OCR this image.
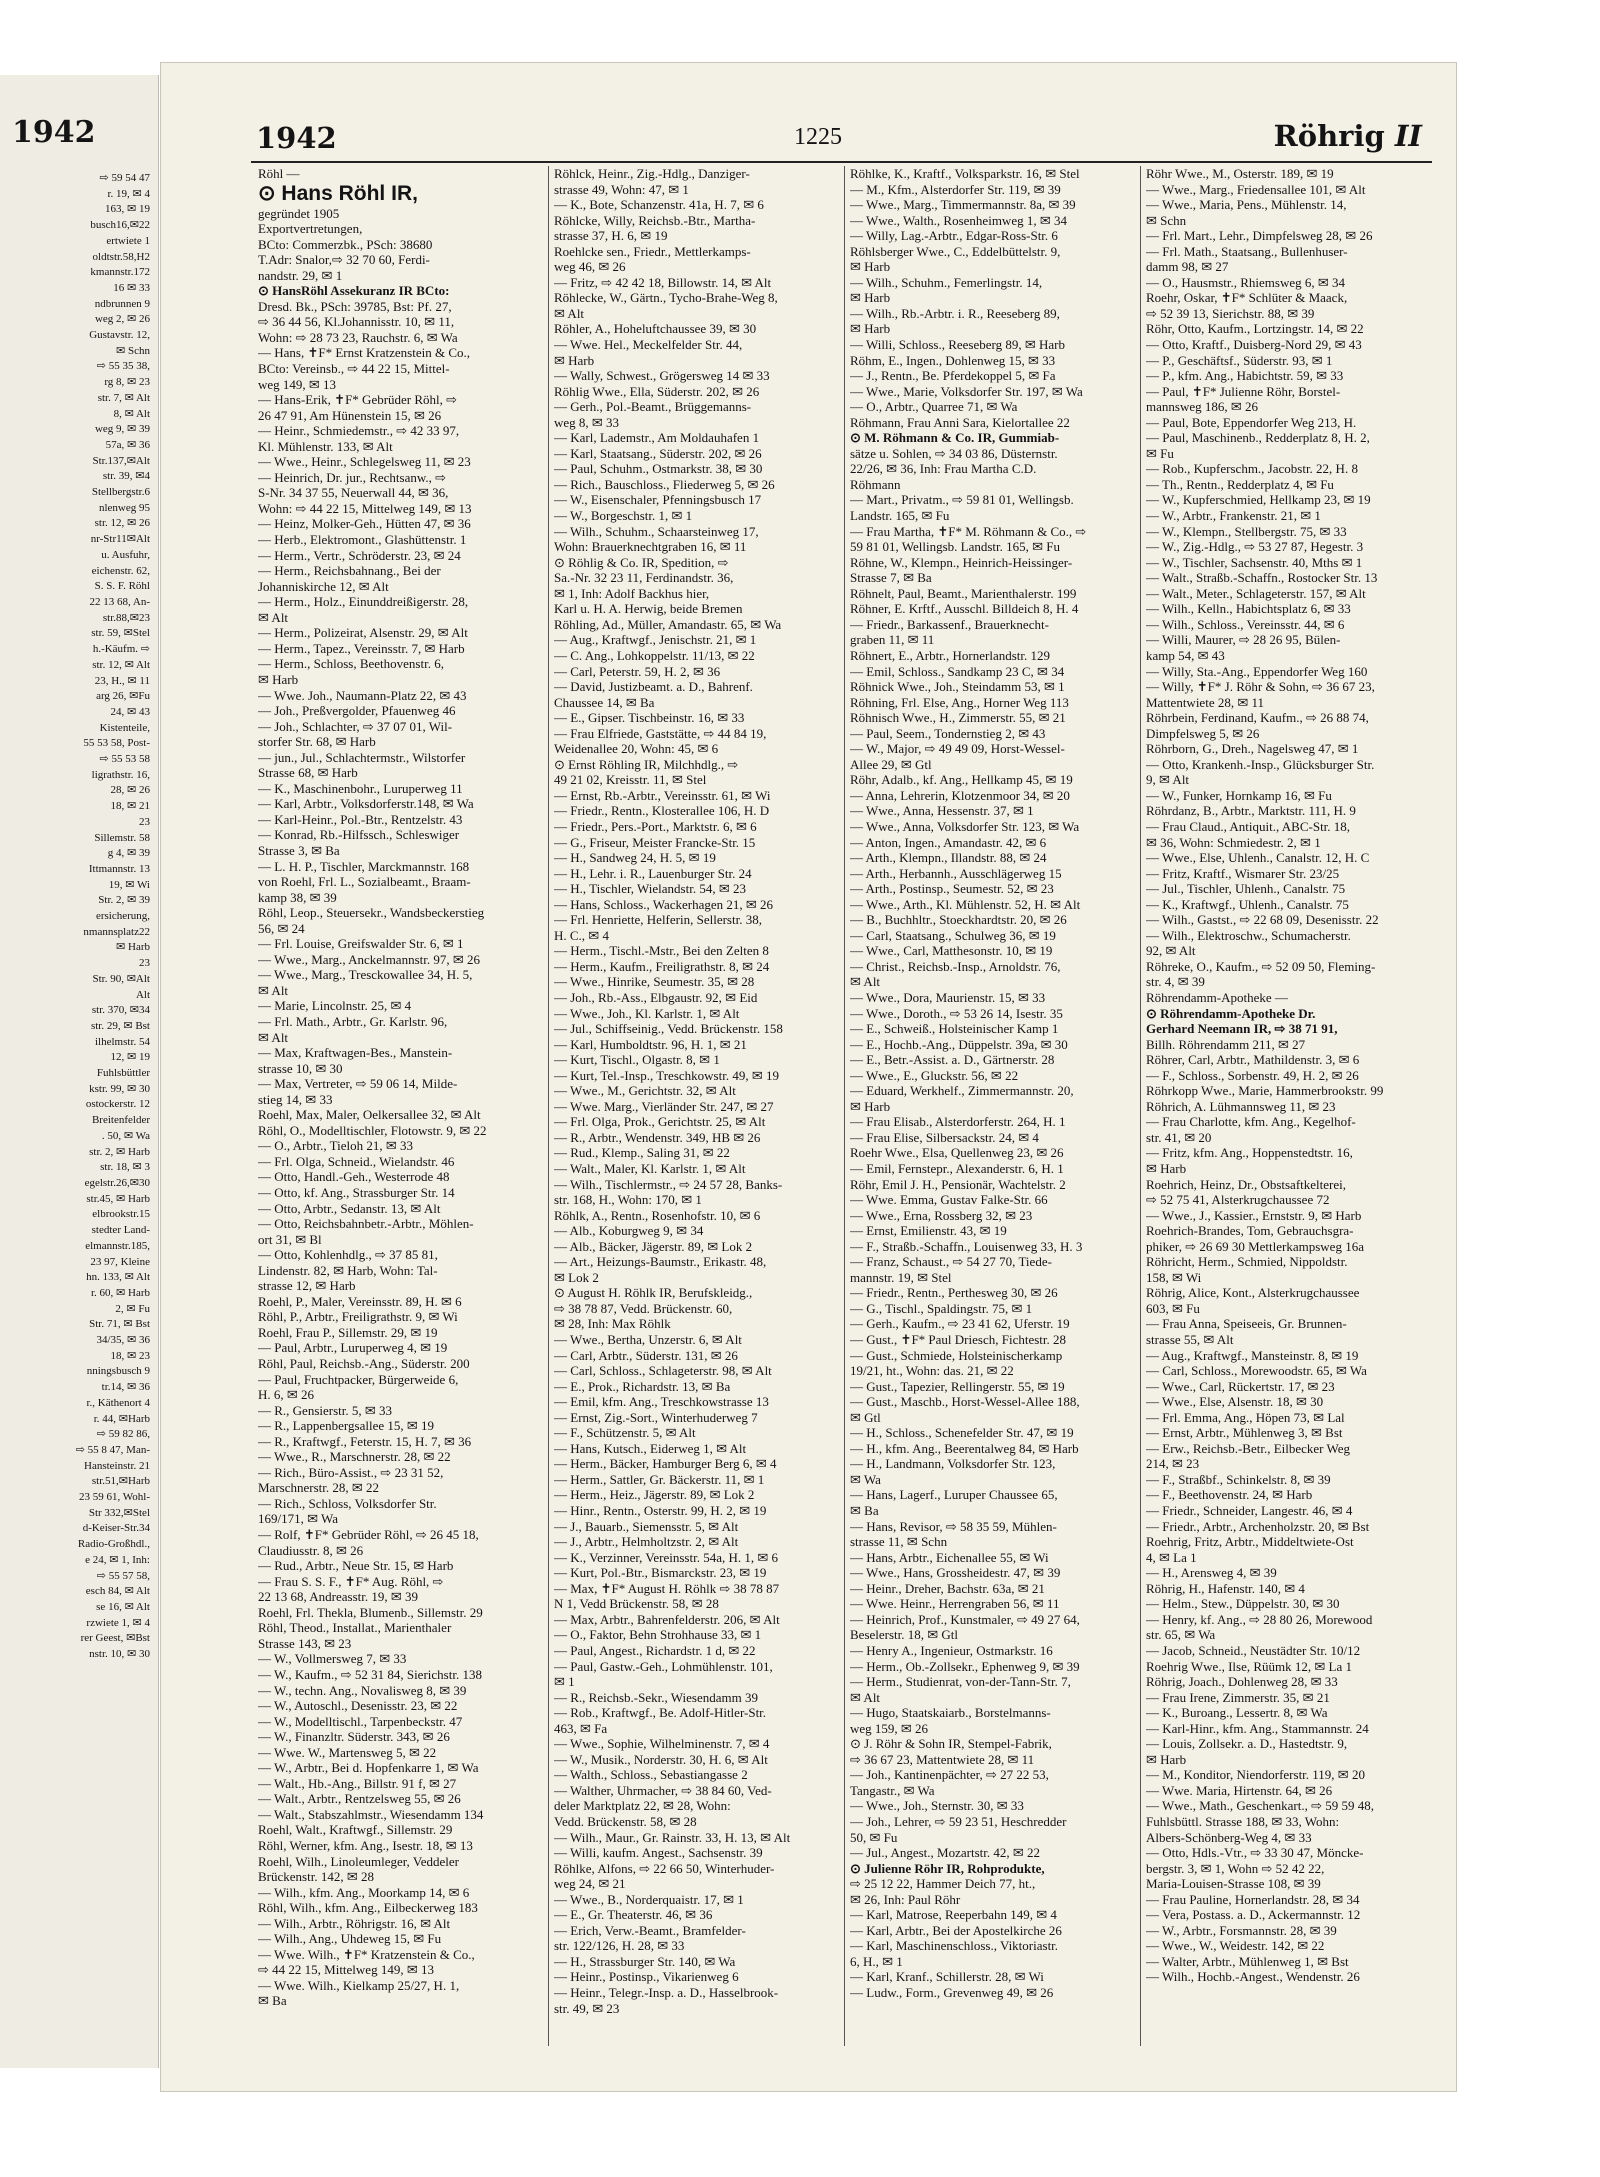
1942
⇨ 59 54 47
r. 19, ✉ 4
163, ✉ 19
busch16,✉22
ertwiete 1
oldtstr.58,H2
kmannstr.172
16 ✉ 33
ndbrunnen 9
weg 2, ✉ 26
Gustavstr. 12,
✉ Schn
⇨ 55 35 38,
rg 8, ✉ 23
str. 7, ✉ Alt
8, ✉ Alt
weg 9, ✉ 39
57a, ✉ 36
Str.137,✉Alt
str. 39, ✉4
Stellbergstr.6
nlenweg 95
str. 12, ✉ 26
nr-Str11✉Alt
u. Ausfuhr,
eichenstr. 62,
S. S. F. Röhl
22 13 68, An-
str.88,✉23
str. 59, ✉Stel
h.-Käufm. ⇨
str. 12, ✉ Alt
23, H., ✉ 11
arg 26, ✉Fu
24, ✉ 43
Kistenteile,
55 53 58, Post-
⇨ 55 53 58
ligrathstr. 16,
28, ✉ 26
18, ✉ 21
23
Sillemstr. 58
g 4, ✉ 39
Ittmannstr. 13
19, ✉ Wi
Str. 2, ✉ 39
ersicherung,
nmannsplatz22
✉ Harb
23
Str. 90, ✉Alt
Alt
str. 370, ✉34
str. 29, ✉ Bst
ilhelmstr. 54
12, ✉ 19
Fuhlsbüttler
kstr. 99, ✉ 30
ostockerstr. 12
Breitenfelder
. 50, ✉ Wa
str. 2, ✉ Harb
str. 18, ✉ 3
egelstr.26,✉30
str.45, ✉ Harb
elbrookstr.15
stedter Land-
elmannstr.185,
23 97, Kleine
hn. 133, ✉ Alt
r. 60, ✉ Harb
2, ✉ Fu
Str. 71, ✉ Bst
34/35, ✉ 36
18, ✉ 23
nningsbusch 9
tr.14, ✉ 36
r., Käthenort 4
r. 44, ✉Harb
⇨ 59 82 86,
⇨ 55 8 47, Man-
Hansteinstr. 21
str.51,✉Harb
23 59 61, Wohl-
Str 332,✉Stel
d-Keiser-Str.34
Radio-Großhdl.,
e 24, ✉ 1, Inh:
⇨ 55 57 58,
esch 84, ✉ Alt
se 16, ✉ Alt
rzwiete 1, ✉ 4
rer Geest, ✉Bst
nstr. 10, ✉ 30
1942	1225	Röhrig II
Röhl —
⊙ Hans Röhl IR,
gegründet 1905
Exportvertretungen,
BCto: Commerzbk., PSch: 38680
T.Adr: Snalor,⇨ 32 70 60, Ferdi-
nandstr. 29, ✉ 1
⊙ HansRöhl Assekuranz IR BCto:
Dresd. Bk., PSch: 39785, Bst: Pf. 27,
⇨ 36 44 56, Kl.Johannisstr. 10, ✉ 11,
Wohn: ⇨ 28 73 23, Rauchstr. 6, ✉ Wa
— Hans, ✝F* Ernst Kratzenstein & Co.,
BCto: Vereinsb., ⇨ 44 22 15, Mittel-
weg 149, ✉ 13
— Hans-Erik, ✝F* Gebrüder Röhl, ⇨
26 47 91, Am Hünenstein 15, ✉ 26
— Heinr., Schmiedemstr., ⇨ 42 33 97,
Kl. Mühlenstr. 133, ✉ Alt
— Wwe., Heinr., Schlegelsweg 11, ✉ 23
— Heinrich, Dr. jur., Rechtsanw., ⇨
S-Nr. 34 37 55, Neuerwall 44, ✉ 36,
Wohn: ⇨ 44 22 15, Mittelweg 149, ✉ 13
— Heinz, Molker-Geh., Hütten 47, ✉ 36
— Herb., Elektromont., Glashüttenstr. 1
— Herm., Vertr., Schröderstr. 23, ✉ 24
— Herm., Reichsbahnang., Bei der
Johanniskirche 12, ✉ Alt
— Herm., Holz., Einunddreißigerstr. 28,
✉ Alt
— Herm., Polizeirat, Alsenstr. 29, ✉ Alt
— Herm., Tapez., Vereinsstr. 7, ✉ Harb
— Herm., Schloss, Beethovenstr. 6,
✉ Harb
— Wwe. Joh., Naumann-Platz 22, ✉ 43
— Joh., Preßvergolder, Pfauenweg 46
— Joh., Schlachter, ⇨ 37 07 01, Wil-
storfer Str. 68, ✉ Harb
— jun., Jul., Schlachtermstr., Wilstorfer
Strasse 68, ✉ Harb
— K., Maschinenbohr., Luruperweg 11
— Karl, Arbtr., Volksdorferstr.148, ✉ Wa
— Karl-Heinr., Pol.-Btr., Rentzelstr. 43
— Konrad, Rb.-Hilfssch., Schleswiger
Strasse 3, ✉ Ba
— L. H. P., Tischler, Marckmannstr. 168
von Roehl, Frl. L., Sozialbeamt., Braam-
kamp 38, ✉ 39
Röhl, Leop., Steuersekr., Wandsbeckerstieg
56, ✉ 24
— Frl. Louise, Greifswalder Str. 6, ✉ 1
— Wwe., Marg., Anckelmannstr. 97, ✉ 26
— Wwe., Marg., Tresckowallee 34, H. 5,
✉ Alt
— Marie, Lincolnstr. 25, ✉ 4
— Frl. Math., Arbtr., Gr. Karlstr. 96,
✉ Alt
— Max, Kraftwagen-Bes., Manstein-
strasse 10, ✉ 30
— Max, Vertreter, ⇨ 59 06 14, Milde-
stieg 14, ✉ 33
Roehl, Max, Maler, Oelkersallee 32, ✉ Alt
Röhl, O., Modelltischler, Flotowstr. 9, ✉ 22
— O., Arbtr., Tieloh 21, ✉ 33
— Frl. Olga, Schneid., Wielandstr. 46
— Otto, Handl.-Geh., Westerrode 48
— Otto, kf. Ang., Strassburger Str. 14
— Otto, Arbtr., Sedanstr. 13, ✉ Alt
— Otto, Reichsbahnbetr.-Arbtr., Möhlen-
ort 31, ✉ Bl
— Otto, Kohlenhdlg., ⇨ 37 85 81,
Lindenstr. 82, ✉ Harb, Wohn: Tal-
strasse 12, ✉ Harb
Roehl, P., Maler, Vereinsstr. 89, H. ✉ 6
Röhl, P., Arbtr., Freiligrathstr. 9, ✉ Wi
Roehl, Frau P., Sillemstr. 29, ✉ 19
— Paul, Arbtr., Luruperweg 4, ✉ 19
Röhl, Paul, Reichsb.-Ang., Süderstr. 200
— Paul, Fruchtpacker, Bürgerweide 6,
H. 6, ✉ 26
— R., Gensierstr. 5, ✉ 33
— R., Lappenbergsallee 15, ✉ 19
— R., Kraftwgf., Feterstr. 15, H. 7, ✉ 36
— Wwe., R., Marschnerstr. 28, ✉ 22
— Rich., Büro-Assist., ⇨ 23 31 52,
Marschnerstr. 28, ✉ 22
— Rich., Schloss, Volksdorfer Str.
169/171, ✉ Wa
— Rolf, ✝F* Gebrüder Röhl, ⇨ 26 45 18,
Claudiusstr. 8, ✉ 26
— Rud., Arbtr., Neue Str. 15, ✉ Harb
— Frau S. S. F., ✝F* Aug. Röhl, ⇨
22 13 68, Andreasstr. 19, ✉ 39
Roehl, Frl. Thekla, Blumenb., Sillemstr. 29
Röhl, Theod., Installat., Marienthaler
Strasse 143, ✉ 23
— W., Vollmersweg 7, ✉ 33
— W., Kaufm., ⇨ 52 31 84, Sierichstr. 138
— W., techn. Ang., Novalisweg 8, ✉ 39
— W., Autoschl., Desenisstr. 23, ✉ 22
— W., Modelltischl., Tarpenbeckstr. 47
— W., Finanzltr. Süderstr. 343, ✉ 26
— Wwe. W., Martensweg 5, ✉ 22
— W., Arbtr., Bei d. Hopfenkarre 1, ✉ Wa
— Walt., Hb.-Ang., Billstr. 91 f, ✉ 27
— Walt., Arbtr., Rentzelsweg 55, ✉ 26
— Walt., Stabszahlmstr., Wiesendamm 134
Roehl, Walt., Kraftwgf., Sillemstr. 29
Röhl, Werner, kfm. Ang., Isestr. 18, ✉ 13
Roehl, Wilh., Linoleumleger, Veddeler
Brückenstr. 142, ✉ 28
— Wilh., kfm. Ang., Moorkamp 14, ✉ 6
Röhl, Wilh., kfm. Ang., Eilbeckerweg 183
— Wilh., Arbtr., Röhrigstr. 16, ✉ Alt
— Wilh., Ang., Uhdeweg 15, ✉ Fu
— Wwe. Wilh., ✝F* Kratzenstein & Co.,
⇨ 44 22 15, Mittelweg 149, ✉ 13
— Wwe. Wilh., Kielkamp 25/27, H. 1,
✉ Ba
Röhlck, Heinr., Zig.-Hdlg., Danziger-
strasse 49, Wohn: 47, ✉ 1
— K., Bote, Schanzenstr. 41a, H. 7, ✉ 6
Röhlcke, Willy, Reichsb.-Btr., Martha-
strasse 37, H. 6, ✉ 19
Roehlcke sen., Friedr., Mettlerkamps-
weg 46, ✉ 26
— Fritz, ⇨ 42 42 18, Billowstr. 14, ✉ Alt
Röhlecke, W., Gärtn., Tycho-Brahe-Weg 8,
✉ Alt
Röhler, A., Hoheluftchaussee 39, ✉ 30
— Wwe. Hel., Meckelfelder Str. 44,
✉ Harb
— Wally, Schwest., Grögersweg 14 ✉ 33
Röhlig Wwe., Ella, Süderstr. 202, ✉ 26
— Gerh., Pol.-Beamt., Brüggemanns-
weg 8, ✉ 33
— Karl, Lademstr., Am Moldauhafen 1
— Karl, Staatsang., Süderstr. 202, ✉ 26
— Paul, Schuhm., Ostmarkstr. 38, ✉ 30
— Rich., Bauschloss., Fliederweg 5, ✉ 26
— W., Eisenschaler, Pfenningsbusch 17
— W., Borgeschstr. 1, ✉ 1
— Wilh., Schuhm., Schaarsteinweg 17,
Wohn: Brauerknechtgraben 16, ✉ 11
⊙ Röhlig & Co. IR, Spedition, ⇨
Sa.-Nr. 32 23 11, Ferdinandstr. 36,
✉ 1, Inh: Adolf Backhus hier,
Karl u. H. A. Herwig, beide Bremen
Röhling, Ad., Müller, Amandastr. 65, ✉ Wa
— Aug., Kraftwgf., Jenischstr. 21, ✉ 1
— C. Ang., Lohkoppelstr. 11/13, ✉ 22
— Carl, Peterstr. 59, H. 2, ✉ 36
— David, Justizbeamt. a. D., Bahrenf.
Chaussee 14, ✉ Ba
— E., Gipser. Tischbeinstr. 16, ✉ 33
— Frau Elfriede, Gaststätte, ⇨ 44 84 19,
Weidenallee 20, Wohn: 45, ✉ 6
⊙ Ernst Röhling IR, Milchhdlg., ⇨
49 21 02, Kreisstr. 11, ✉ Stel
— Ernst, Rb.-Arbtr., Vereinsstr. 61, ✉ Wi
— Friedr., Rentn., Klosterallee 106, H. D
— Friedr., Pers.-Port., Marktstr. 6, ✉ 6
— G., Friseur, Meister Francke-Str. 15
— H., Sandweg 24, H. 5, ✉ 19
— H., Lehr. i. R., Lauenburger Str. 24
— H., Tischler, Wielandstr. 54, ✉ 23
— Hans, Schloss., Wackerhagen 21, ✉ 26
— Frl. Henriette, Helferin, Sellerstr. 38,
H. C., ✉ 4
— Herm., Tischl.-Mstr., Bei den Zelten 8
— Herm., Kaufm., Freiligrathstr. 8, ✉ 24
— Wwe., Hinrike, Seumestr. 35, ✉ 28
— Joh., Rb.-Ass., Elbgaustr. 92, ✉ Eid
— Wwe., Joh., Kl. Karlstr. 1, ✉ Alt
— Jul., Schiffseinig., Vedd. Brückenstr. 158
— Karl, Humboldtstr. 96, H. 1, ✉ 21
— Kurt, Tischl., Olgastr. 8, ✉ 1
— Kurt, Tel.-Insp., Treschkowstr. 49, ✉ 19
— Wwe., M., Gerichtstr. 32, ✉ Alt
— Wwe. Marg., Vierländer Str. 247, ✉ 27
— Frl. Olga, Prok., Gerichtstr. 25, ✉ Alt
— R., Arbtr., Wendenstr. 349, HB ✉ 26
— Rud., Klemp., Saling 31, ✉ 22
— Walt., Maler, Kl. Karlstr. 1, ✉ Alt
— Wilh., Tischlermstr., ⇨ 24 57 28, Banks-
str. 168, H., Wohn: 170, ✉ 1
Röhlk, A., Rentn., Rosenhofstr. 10, ✉ 6
— Alb., Koburgweg 9, ✉ 34
— Alb., Bäcker, Jägerstr. 89, ✉ Lok 2
— Art., Heizungs-Baumstr., Erikastr. 48,
✉ Lok 2
⊙ August H. Röhlk IR, Berufskleidg.,
⇨ 38 78 87, Vedd. Brückenstr. 60,
✉ 28, Inh: Max Röhlk
— Wwe., Bertha, Unzerstr. 6, ✉ Alt
— Carl, Arbtr., Süderstr. 131, ✉ 26
— Carl, Schloss., Schlageterstr. 98, ✉ Alt
— E., Prok., Richardstr. 13, ✉ Ba
— Emil, kfm. Ang., Treschkowstrasse 13
— Ernst, Zig.-Sort., Winterhuderweg 7
— F., Schützenstr. 5, ✉ Alt
— Hans, Kutsch., Eiderweg 1, ✉ Alt
— Herm., Bäcker, Hamburger Berg 6, ✉ 4
— Herm., Sattler, Gr. Bäckerstr. 11, ✉ 1
— Herm., Heiz., Jägerstr. 89, ✉ Lok 2
— Hinr., Rentn., Osterstr. 99, H. 2, ✉ 19
— J., Bauarb., Siemensstr. 5, ✉ Alt
— J., Arbtr., Helmholtzstr. 2, ✉ Alt
— K., Verzinner, Vereinsstr. 54a, H. 1, ✉ 6
— Kurt, Pol.-Btr., Bismarckstr. 23, ✉ 19
— Max, ✝F* August H. Röhlk ⇨ 38 78 87
N 1, Vedd Brückenstr. 58, ✉ 28
— Max, Arbtr., Bahrenfelderstr. 206, ✉ Alt
— O., Faktor, Behn Strohhause 33, ✉ 1
— Paul, Angest., Richardstr. 1 d, ✉ 22
— Paul, Gastw.-Geh., Lohmühlenstr. 101,
✉ 1
— R., Reichsb.-Sekr., Wiesendamm 39
— Rob., Kraftwgf., Be. Adolf-Hitler-Str.
463, ✉ Fa
— Wwe., Sophie, Wilhelminenstr. 7, ✉ 4
— W., Musik., Norderstr. 30, H. 6, ✉ Alt
— Walth., Schloss., Sebastiangasse 2
— Walther, Uhrmacher, ⇨ 38 84 60, Ved-
deler Marktplatz 22, ✉ 28, Wohn:
Vedd. Brückenstr. 58, ✉ 28
— Wilh., Maur., Gr. Rainstr. 33, H. 13, ✉ Alt
— Willi, kaufm. Angest., Sachsenstr. 39
Röhlke, Alfons, ⇨ 22 66 50, Winterhuder-
weg 24, ✉ 21
— Wwe., B., Norderquaistr. 17, ✉ 1
— E., Gr. Theaterstr. 46, ✉ 36
— Erich, Verw.-Beamt., Bramfelder-
str. 122/126, H. 28, ✉ 33
— H., Strassburger Str. 140, ✉ Wa
— Heinr., Postinsp., Vikarienweg 6
— Heinr., Telegr.-Insp. a. D., Hasselbrook-
str. 49, ✉ 23
Röhlke, K., Kraftf., Volksparkstr. 16, ✉ Stel
— M., Kfm., Alsterdorfer Str. 119, ✉ 39
— Wwe., Marg., Timmermannstr. 8a, ✉ 39
— Wwe., Walth., Rosenheimweg 1, ✉ 34
— Willy, Lag.-Arbtr., Edgar-Ross-Str. 6
Röhlsberger Wwe., C., Eddelbüttelstr. 9,
✉ Harb
— Wilh., Schuhm., Femerlingstr. 14,
✉ Harb
— Wilh., Rb.-Arbtr. i. R., Reeseberg 89,
✉ Harb
— Willi, Schloss., Reeseberg 89, ✉ Harb
Röhm, E., Ingen., Dohlenweg 15, ✉ 33
— J., Rentn., Be. Pferdekoppel 5, ✉ Fa
— Wwe., Marie, Volksdorfer Str. 197, ✉ Wa
— O., Arbtr., Quarree 71, ✉ Wa
Röhmann, Frau Anni Sara, Kielortallee 22
⊙ M. Röhmann & Co. IR, Gummiab-
sätze u. Sohlen, ⇨ 34 03 86, Düsternstr.
22/26, ✉ 36, Inh: Frau Martha C.D.
Röhmann
— Mart., Privatm., ⇨ 59 81 01, Wellingsb.
Landstr. 165, ✉ Fu
— Frau Martha, ✝F* M. Röhmann & Co., ⇨
59 81 01, Wellingsb. Landstr. 165, ✉ Fu
Röhne, W., Klempn., Heinrich-Heissinger-
Strasse 7, ✉ Ba
Röhnelt, Paul, Beamt., Marienthalerstr. 199
Röhner, E. Krftf., Ausschl. Billdeich 8, H. 4
— Friedr., Barkassenf., Brauerknecht-
graben 11, ✉ 11
Röhnert, E., Arbtr., Hornerlandstr. 129
— Emil, Schloss., Sandkamp 23 C, ✉ 34
Röhnick Wwe., Joh., Steindamm 53, ✉ 1
Röhning, Frl. Else, Ang., Horner Weg 113
Röhnisch Wwe., H., Zimmerstr. 55, ✉ 21
— Paul, Seem., Tondernstieg 2, ✉ 43
— W., Major, ⇨ 49 49 09, Horst-Wessel-
Allee 29, ✉ Gtl
Röhr, Adalb., kf. Ang., Hellkamp 45, ✉ 19
— Anna, Lehrerin, Klotzenmoor 34, ✉ 20
— Wwe., Anna, Hessenstr. 37, ✉ 1
— Wwe., Anna, Volksdorfer Str. 123, ✉ Wa
— Anton, Ingen., Amandastr. 42, ✉ 6
— Arth., Klempn., Illandstr. 88, ✉ 24
— Arth., Herbannh., Ausschlägerweg 15
— Arth., Postinsp., Seumestr. 52, ✉ 23
— Wwe., Arth., Kl. Mühlenstr. 52, H. ✉ Alt
— B., Buchhltr., Stoeckhardtstr. 20, ✉ 26
— Carl, Staatsang., Schulweg 36, ✉ 19
— Wwe., Carl, Matthesonstr. 10, ✉ 19
— Christ., Reichsb.-Insp., Arnoldstr. 76,
✉ Alt
— Wwe., Dora, Maurienstr. 15, ✉ 33
— Wwe., Doroth., ⇨ 53 26 14, Isestr. 35
— E., Schweiß., Holsteinischer Kamp 1
— E., Hochb.-Ang., Düppelstr. 39a, ✉ 30
— E., Betr.-Assist. a. D., Gärtnerstr. 28
— Wwe., E., Gluckstr. 56, ✉ 22
— Eduard, Werkhelf., Zimmermannstr. 20,
✉ Harb
— Frau Elisab., Alsterdorferstr. 264, H. 1
— Frau Elise, Silbersackstr. 24, ✉ 4
Roehr Wwe., Elsa, Quellenweg 23, ✉ 26
— Emil, Fernstepr., Alexanderstr. 6, H. 1
Röhr, Emil J. H., Pensionär, Wachtelstr. 2
— Wwe. Emma, Gustav Falke-Str. 66
— Wwe., Erna, Rossberg 32, ✉ 23
— Ernst, Emilienstr. 43, ✉ 19
— F., Straßb.-Schaffn., Louisenweg 33, H. 3
— Franz, Schaust., ⇨ 54 27 70, Tiede-
mannstr. 19, ✉ Stel
— Friedr., Rentn., Perthesweg 30, ✉ 26
— G., Tischl., Spaldingstr. 75, ✉ 1
— Gerh., Kaufm., ⇨ 23 41 62, Uferstr. 19
— Gust., ✝F* Paul Driesch, Fichtestr. 28
— Gust., Schmiede, Holsteinischerkamp
19/21, ht., Wohn: das. 21, ✉ 22
— Gust., Tapezier, Rellingerstr. 55, ✉ 19
— Gust., Maschb., Horst-Wessel-Allee 188,
✉ Gtl
— H., Schloss., Schenefelder Str. 47, ✉ 19
— H., kfm. Ang., Beerentalweg 84, ✉ Harb
— H., Landmann, Volksdorfer Str. 123,
✉ Wa
— Hans, Lagerf., Luruper Chaussee 65,
✉ Ba
— Hans, Revisor, ⇨ 58 35 59, Mühlen-
strasse 11, ✉ Schn
— Hans, Arbtr., Eichenallee 55, ✉ Wi
— Wwe., Hans, Grossheidestr. 47, ✉ 39
— Heinr., Dreher, Bachstr. 63a, ✉ 21
— Wwe. Heinr., Herrengraben 56, ✉ 11
— Heinrich, Prof., Kunstmaler, ⇨ 49 27 64,
Beselerstr. 18, ✉ Gtl
— Henry A., Ingenieur, Ostmarkstr. 16
— Herm., Ob.-Zollsekr., Ephenweg 9, ✉ 39
— Herm., Studienrat, von-der-Tann-Str. 7,
✉ Alt
— Hugo, Staatskaiarb., Borstelmanns-
weg 159, ✉ 26
⊙ J. Röhr & Sohn IR, Stempel-Fabrik,
⇨ 36 67 23, Mattentwiete 28, ✉ 11
— Joh., Kantinenpächter, ⇨ 27 22 53,
Tangastr., ✉ Wa
— Wwe., Joh., Sternstr. 30, ✉ 33
— Joh., Lehrer, ⇨ 59 23 51, Heschredder
50, ✉ Fu
— Jul., Angest., Mozartstr. 42, ✉ 22
⊙ Julienne Röhr IR, Rohprodukte,
⇨ 25 12 22, Hammer Deich 77, ht.,
✉ 26, Inh: Paul Röhr
— Karl, Matrose, Reeperbahn 149, ✉ 4
— Karl, Arbtr., Bei der Apostelkirche 26
— Karl, Maschinenschloss., Viktoriastr.
6, H., ✉ 1
— Karl, Kranf., Schillerstr. 28, ✉ Wi
— Ludw., Form., Grevenweg 49, ✉ 26
Röhr Wwe., M., Osterstr. 189, ✉ 19
— Wwe., Marg., Friedensallee 101, ✉ Alt
— Wwe., Maria, Pens., Mühlenstr. 14,
✉ Schn
— Frl. Mart., Lehr., Dimpfelsweg 28, ✉ 26
— Frl. Math., Staatsang., Bullenhuser-
damm 98, ✉ 27
— O., Hausmstr., Rhiemsweg 6, ✉ 34
Roehr, Oskar, ✝F* Schlüter & Maack,
⇨ 52 39 13, Sierichstr. 88, ✉ 39
Röhr, Otto, Kaufm., Lortzingstr. 14, ✉ 22
— Otto, Kraftf., Duisberg-Nord 29, ✉ 43
— P., Geschäftsf., Süderstr. 93, ✉ 1
— P., kfm. Ang., Habichtstr. 59, ✉ 33
— Paul, ✝F* Julienne Röhr, Borstel-
mannsweg 186, ✉ 26
— Paul, Bote, Eppendorfer Weg 213, H.
— Paul, Maschinenb., Redderplatz 8, H. 2,
✉ Fu
— Rob., Kupferschm., Jacobstr. 22, H. 8
— Th., Rentn., Redderplatz 4, ✉ Fu
— W., Kupferschmied, Hellkamp 23, ✉ 19
— W., Arbtr., Frankenstr. 21, ✉ 1
— W., Klempn., Stellbergstr. 75, ✉ 33
— W., Zig.-Hdlg., ⇨ 53 27 87, Hegestr. 3
— W., Tischler, Sachsenstr. 40, Mths ✉ 1
— Walt., Straßb.-Schaffn., Rostocker Str. 13
— Walt., Meter., Schlageterstr. 157, ✉ Alt
— Wilh., Kelln., Habichtsplatz 6, ✉ 33
— Wilh., Schloss., Vereinsstr. 44, ✉ 6
— Willi, Maurer, ⇨ 28 26 95, Bülen-
kamp 54, ✉ 43
— Willy, Sta.-Ang., Eppendorfer Weg 160
— Willy, ✝F* J. Röhr & Sohn, ⇨ 36 67 23,
Mattentwiete 28, ✉ 11
Röhrbein, Ferdinand, Kaufm., ⇨ 26 88 74,
Dimpfelsweg 5, ✉ 26
Röhrborn, G., Dreh., Nagelsweg 47, ✉ 1
— Otto, Krankenh.-Insp., Glücksburger Str.
9, ✉ Alt
— W., Funker, Hornkamp 16, ✉ Fu
Röhrdanz, B., Arbtr., Marktstr. 111, H. 9
— Frau Claud., Antiquit., ABC-Str. 18,
✉ 36, Wohn: Schmiedestr. 2, ✉ 1
— Wwe., Else, Uhlenh., Canalstr. 12, H. C
— Fritz, Kraftf., Wismarer Str. 23/25
— Jul., Tischler, Uhlenh., Canalstr. 75
— K., Kraftwgf., Uhlenh., Canalstr. 75
— Wilh., Gastst., ⇨ 22 68 09, Desenisstr. 22
— Wilh., Elektroschw., Schumacherstr.
92, ✉ Alt
Röhreke, O., Kaufm., ⇨ 52 09 50, Fleming-
str. 4, ✉ 39
Röhrendamm-Apotheke —
⊙ Röhrendamm-Apotheke Dr.
Gerhard Neemann IR, ⇨ 38 71 91,
Billh. Röhrendamm 211, ✉ 27
Röhrer, Carl, Arbtr., Mathildenstr. 3, ✉ 6
— F., Schloss., Sorbenstr. 49, H. 2, ✉ 26
Röhrkopp Wwe., Marie, Hammerbrookstr. 99
Röhrich, A. Lühmannsweg 11, ✉ 23
— Frau Charlotte, kfm. Ang., Kegelhof-
str. 41, ✉ 20
— Fritz, kfm. Ang., Hoppenstedtstr. 16,
✉ Harb
Roehrich, Heinz, Dr., Obstsaftkelterei,
⇨ 52 75 41, Alsterkrugchaussee 72
— Wwe., J., Kassier., Ernststr. 9, ✉ Harb
Roehrich-Brandes, Tom, Gebrauchsgra-
phiker, ⇨ 26 69 30 Mettlerkampsweg 16a
Röhricht, Herm., Schmied, Nippoldstr.
158, ✉ Wi
Röhrig, Alice, Kont., Alsterkrugchaussee
603, ✉ Fu
— Frau Anna, Speiseeis, Gr. Brunnen-
strasse 55, ✉ Alt
— Aug., Kraftwgf., Mansteinstr. 8, ✉ 19
— Carl, Schloss., Morewoodstr. 65, ✉ Wa
— Wwe., Carl, Rückertstr. 17, ✉ 23
— Wwe., Else, Alsenstr. 18, ✉ 30
— Frl. Emma, Ang., Höpen 73, ✉ Lal
— Ernst, Arbtr., Mühlenweg 3, ✉ Bst
— Erw., Reichsb.-Betr., Eilbecker Weg
214, ✉ 23
— F., Straßbf., Schinkelstr. 8, ✉ 39
— F., Beethovenstr. 24, ✉ Harb
— Friedr., Schneider, Langestr. 46, ✉ 4
— Friedr., Arbtr., Archenholzstr. 20, ✉ Bst
Roehrig, Fritz, Arbtr., Middeltwiete-Ost
4, ✉ La 1
— H., Arensweg 4, ✉ 39
Röhrig, H., Hafenstr. 140, ✉ 4
— Helm., Stew., Düppelstr. 30, ✉ 30
— Henry, kf. Ang., ⇨ 28 80 26, Morewood
str. 65, ✉ Wa
— Jacob, Schneid., Neustädter Str. 10/12
Roehrig Wwe., Ilse, Rüümk 12, ✉ La 1
Röhrig, Joach., Dohlenweg 28, ✉ 33
— Frau Irene, Zimmerstr. 35, ✉ 21
— K., Buroang., Lessertr. 8, ✉ Wa
— Karl-Hinr., kfm. Ang., Stammannstr. 24
— Louis, Zollsekr. a. D., Hastedtstr. 9,
✉ Harb
— M., Konditor, Niendorferstr. 119, ✉ 20
— Wwe. Maria, Hirtenstr. 64, ✉ 26
— Wwe., Math., Geschenkart., ⇨ 59 59 48,
Fuhlsbüttl. Strasse 188, ✉ 33, Wohn:
Albers-Schönberg-Weg 4, ✉ 33
— Otto, Hdls.-Vtr., ⇨ 33 30 47, Mönckе-
bergstr. 3, ✉ 1, Wohn ⇨ 52 42 22,
Maria-Louisen-Strasse 108, ✉ 39
— Frau Pauline, Hornerlandstr. 28, ✉ 34
— Vera, Postass. a. D., Ackermannstr. 12
— W., Arbtr., Forsmannstr. 28, ✉ 39
— Wwe., W., Weidestr. 142, ✉ 22
— Walter, Arbtr., Mühlenweg 1, ✉ Bst
— Wilh., Hochb.-Angest., Wendenstr. 26
